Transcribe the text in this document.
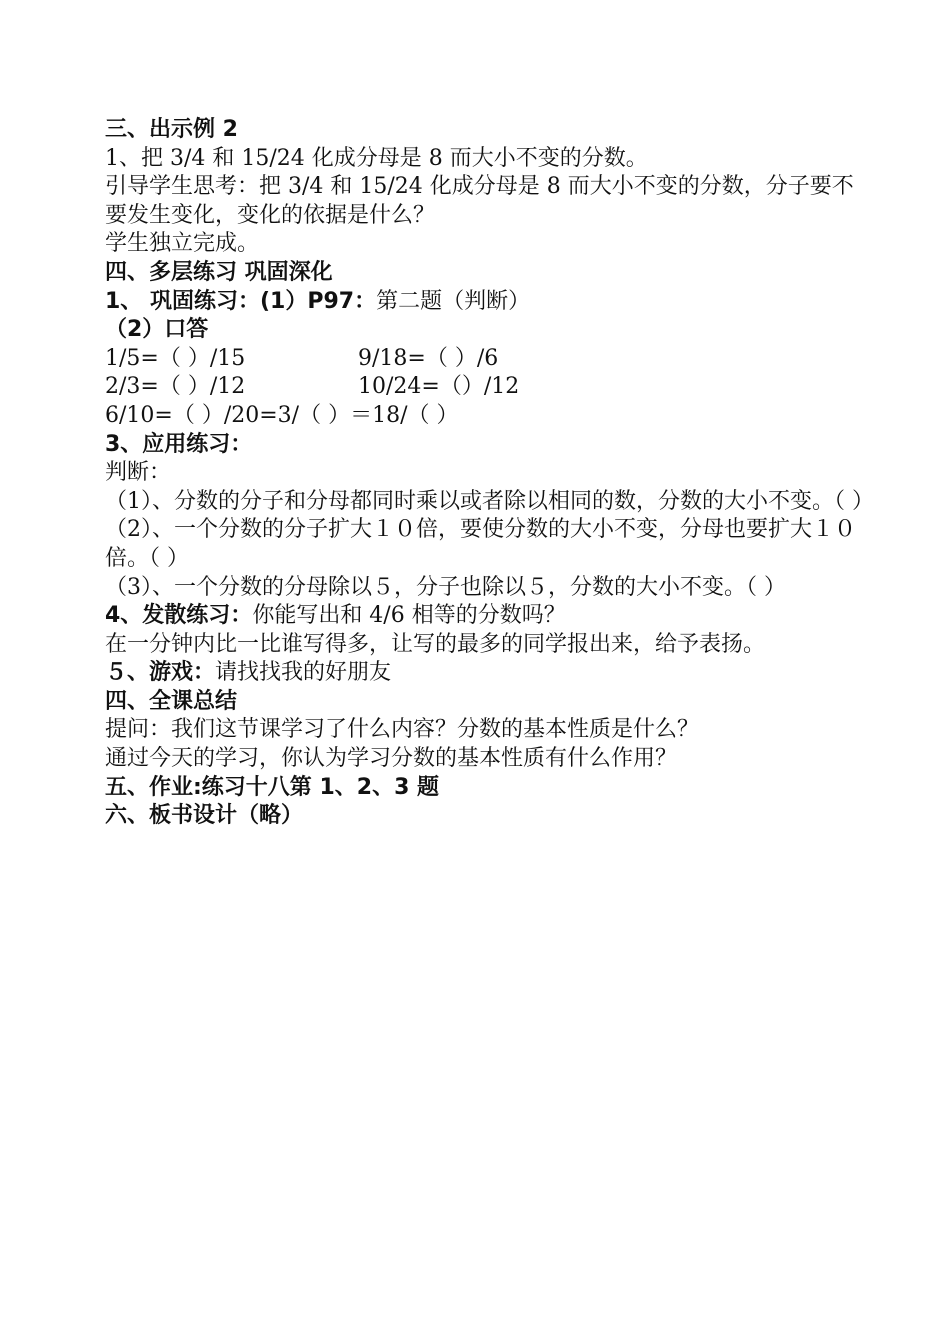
三、出示例 2
1、把 3/4 和 15/24 化成分母是 8 而大小不变的分数。
引导学生思考：把 3/4 和 15/24 化成分母是 8 而大小不变的分数，分子要不要发生变化，变化的依据是什么？
学生独立完成。
四、多层练习 巩固深化
1、 巩固练习：(1）P97：第二题（判断）
（2）口答
1/5=（ ）/15	9/18=（ ）/6
2/3=（ ）/12	10/24=（）/12
6/10=（ ）/20=3/（ ）＝18/（ ）
3、应用练习：
判断：
（1）、分数的分子和分母都同时乘以或者除以相同的数，分数的大小不变。（ ）
（2）、一个分数的分子扩大１０倍，要使分数的大小不变，分母也要扩大１０倍。（ ）
（3）、一个分数的分母除以５，分子也除以５，分数的大小不变。（ ）
4、发散练习：你能写出和 4/6 相等的分数吗？
在一分钟内比一比谁写得多，让写的最多的同学报出来，给予表扬。
５、游戏：请找找我的好朋友
四、全课总结
提问：我们这节课学习了什么内容？分数的基本性质是什么？
通过今天的学习，你认为学习分数的基本性质有什么作用？
五、作业:练习十八第 1、2、3 题
六、板书设计（略）
